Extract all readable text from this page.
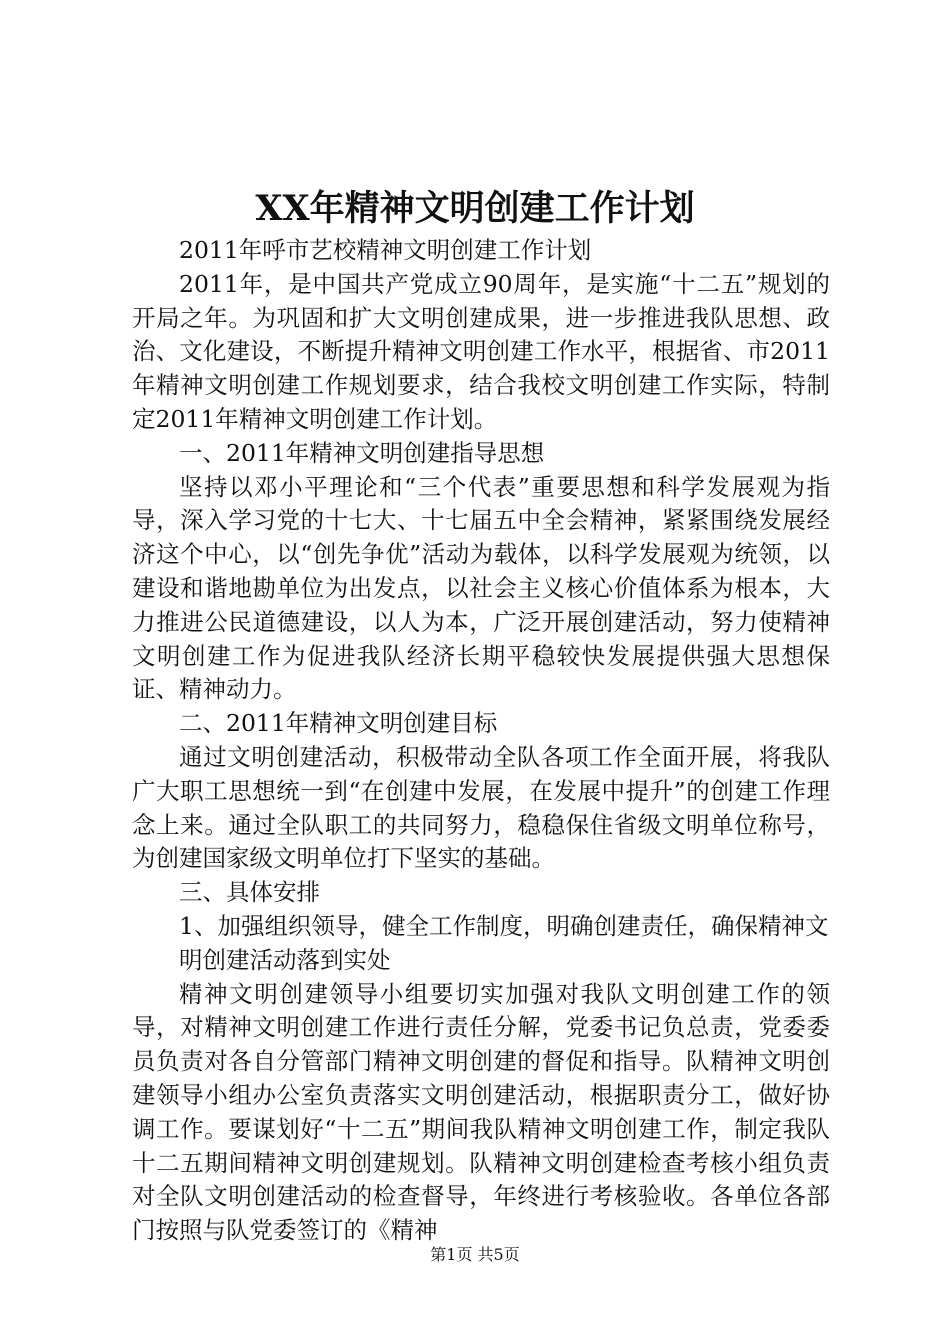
XX年精神文明创建工作计划

2011年呼市艺校精神文明创建工作计划

2011年，是中国共产党成立90周年，是实施“十二五”规划的开局之年。为巩固和扩大文明创建成果，进一步推进我队思想、政治、文化建设，不断提升精神文明创建工作水平，根据省、市2011年精神文明创建工作规划要求，结合我校文明创建工作实际，特制定2011年精神文明创建工作计划。

一、2011年精神文明创建指导思想

坚持以邓小平理论和“三个代表”重要思想和科学发展观为指导，深入学习党的十七大、十七届五中全会精神，紧紧围绕发展经济这个中心，以“创先争优”活动为载体，以科学发展观为统领，以建设和谐地勘单位为出发点，以社会主义核心价值体系为根本，大力推进公民道德建设，以人为本，广泛开展创建活动，努力使精神文明创建工作为促进我队经济长期平稳较快发展提供强大思想保证、精神动力。

二、2011年精神文明创建目标

通过文明创建活动，积极带动全队各项工作全面开展，将我队广大职工思想统一到“在创建中发展，在发展中提升”的创建工作理念上来。通过全队职工的共同努力，稳稳保住省级文明单位称号，为创建国家级文明单位打下坚实的基础。

三、具体安排

1、加强组织领导，健全工作制度，明确创建责任，确保精神文

明创建活动落到实处

精神文明创建领导小组要切实加强对我队文明创建工作的领导，对精神文明创建工作进行责任分解，党委书记负总责，党委委员负责对各自分管部门精神文明创建的督促和指导。队精神文明创建领导小组办公室负责落实文明创建活动，根据职责分工，做好协调工作。要谋划好“十二五”期间我队精神文明创建工作，制定我队十二五期间精神文明创建规划。队精神文明创建检查考核小组负责对全队文明创建活动的检查督导，年终进行考核验收。各单位各部门按照与队党委签订的《精神

第1页 共5页
